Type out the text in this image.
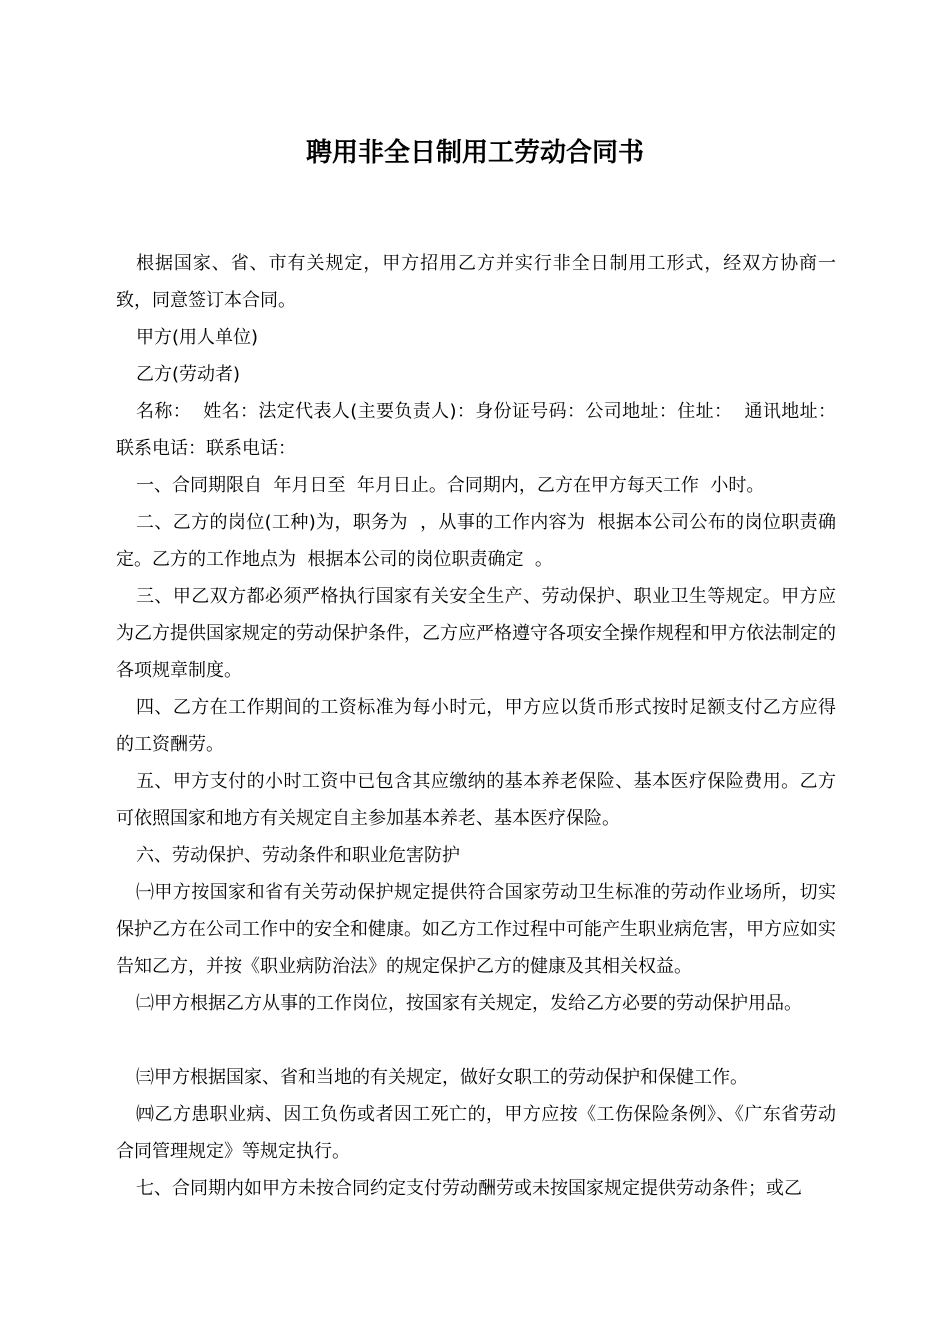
聘用非全日制用工劳动合同书

根据国家、省、市有关规定，甲方招用乙方并实行非全日制用工形式，经双方协商一致，同意签订本合同。

甲方(用人单位)

乙方(劳动者)

名称：  姓名：法定代表人(主要负责人)：身份证号码：公司地址：住址：  通讯地址：联系电话：联系电话：

一、合同期限自  年月日至  年月日止。合同期内，乙方在甲方每天工作  小时。

二、乙方的岗位(工种)为，职务为  ，从事的工作内容为  根据本公司公布的岗位职责确定。乙方的工作地点为  根据本公司的岗位职责确定  。

三、甲乙双方都必须严格执行国家有关安全生产、劳动保护、职业卫生等规定。甲方应为乙方提供国家规定的劳动保护条件，乙方应严格遵守各项安全操作规程和甲方依法制定的各项规章制度。

四、乙方在工作期间的工资标准为每小时元，甲方应以货币形式按时足额支付乙方应得的工资酬劳。

五、甲方支付的小时工资中已包含其应缴纳的基本养老保险、基本医疗保险费用。乙方可依照国家和地方有关规定自主参加基本养老、基本医疗保险。

六、劳动保护、劳动条件和职业危害防护

㈠甲方按国家和省有关劳动保护规定提供符合国家劳动卫生标准的劳动作业场所，切实保护乙方在公司工作中的安全和健康。如乙方工作过程中可能产生职业病危害，甲方应如实告知乙方，并按《职业病防治法》的规定保护乙方的健康及其相关权益。

㈡甲方根据乙方从事的工作岗位，按国家有关规定，发给乙方必要的劳动保护用品。

㈢甲方根据国家、省和当地的有关规定，做好女职工的劳动保护和保健工作。

㈣乙方患职业病、因工负伤或者因工死亡的，甲方应按《工伤保险条例》、《广东省劳动合同管理规定》等规定执行。

七、合同期内如甲方未按合同约定支付劳动酬劳或未按国家规定提供劳动条件；或乙
